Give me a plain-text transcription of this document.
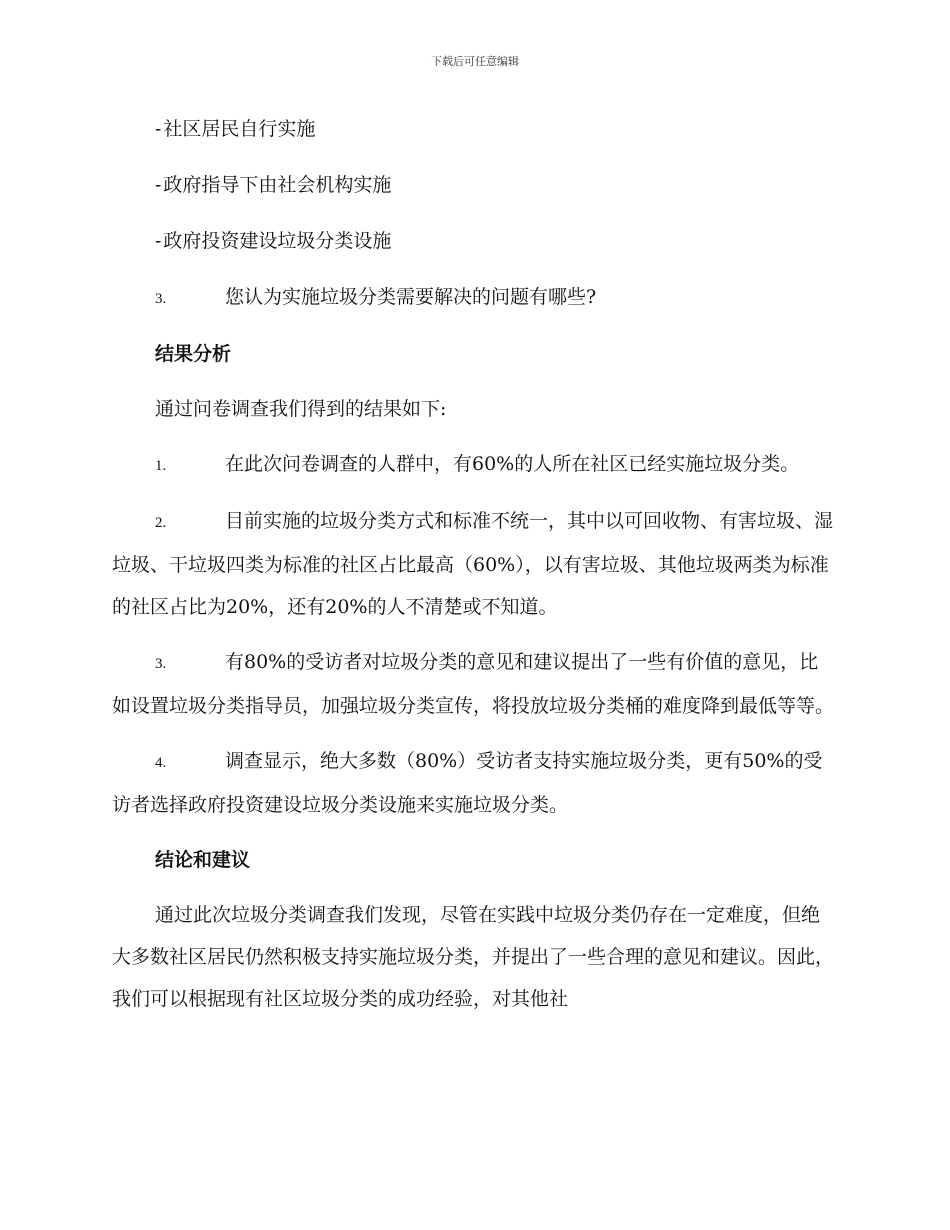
下载后可任意编辑
- 社区居民自行实施
- 政府指导下由社会机构实施
- 政府投资建设垃圾分类设施
3.	您认为实施垃圾分类需要解决的问题有哪些?
结果分析
通过问卷调查我们得到的结果如下:
1.	在此次问卷调查的人群中，有60%的人所在社区已经实施垃圾分类。
2.	目前实施的垃圾分类方式和标准不统一，其中以可回收物、有害垃圾、湿垃圾、干垃圾四类为标准的社区占比最高（60%），以有害垃圾、其他垃圾两类为标准的社区占比为20%，还有20%的人不清楚或不知道。
3.	有80%的受访者对垃圾分类的意见和建议提出了一些有价值的意见，比如设置垃圾分类指导员，加强垃圾分类宣传，将投放垃圾分类桶的难度降到最低等等。
4.	调查显示，绝大多数（80%）受访者支持实施垃圾分类，更有50%的受访者选择政府投资建设垃圾分类设施来实施垃圾分类。
结论和建议
通过此次垃圾分类调查我们发现，尽管在实践中垃圾分类仍存在一定难度，但绝大多数社区居民仍然积极支持实施垃圾分类，并提出了一些合理的意见和建议。因此，我们可以根据现有社区垃圾分类的成功经验，对其他社
